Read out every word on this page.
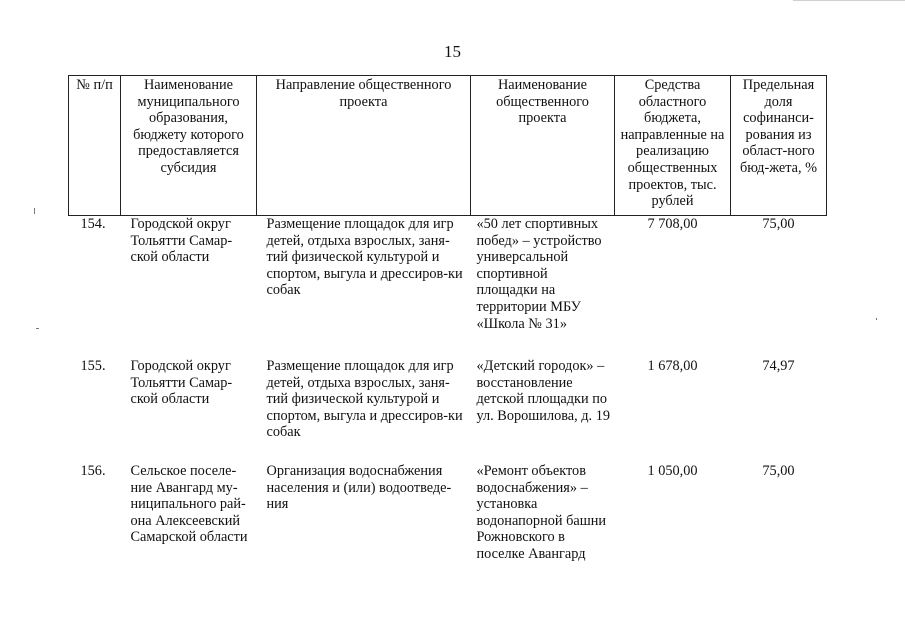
15
№ п/п	Наименование муниципального образования, бюджету которого предоставляется субсидия	Направление общественного проекта	Наименование общественного проекта	Средства областного бюджета, направленные на реализацию общественных проектов, тыс. рублей	Предельная доля софинанси-рования из област-ного бюд-жета, %
154.	Городской округ Тольятти Самар-ской области	Размещение площадок для игр детей, отдыха взрослых, заня-тий физической культурой и спортом, выгула и дрессиров-ки собак	«50 лет спортивных побед» – устройство универсальной спортивной площадки на территории МБУ «Школа № 31»	7 708,00	75,00
155.	Городской округ Тольятти Самар-ской области	Размещение площадок для игр детей, отдыха взрослых, заня-тий физической культурой и спортом, выгула и дрессиров-ки собак	«Детский городок» – восстановление детской площадки по ул. Ворошилова, д. 19	1 678,00	74,97
156.	Сельское поселе-ние Авангард му-ниципального рай-она Алексеевский Самарской области	Организация водоснабжения населения и (или) водоотведе-ния	«Ремонт объектов водоснабжения» – установка водонапорной башни Рожновского в поселке Авангард	1 050,00	75,00
